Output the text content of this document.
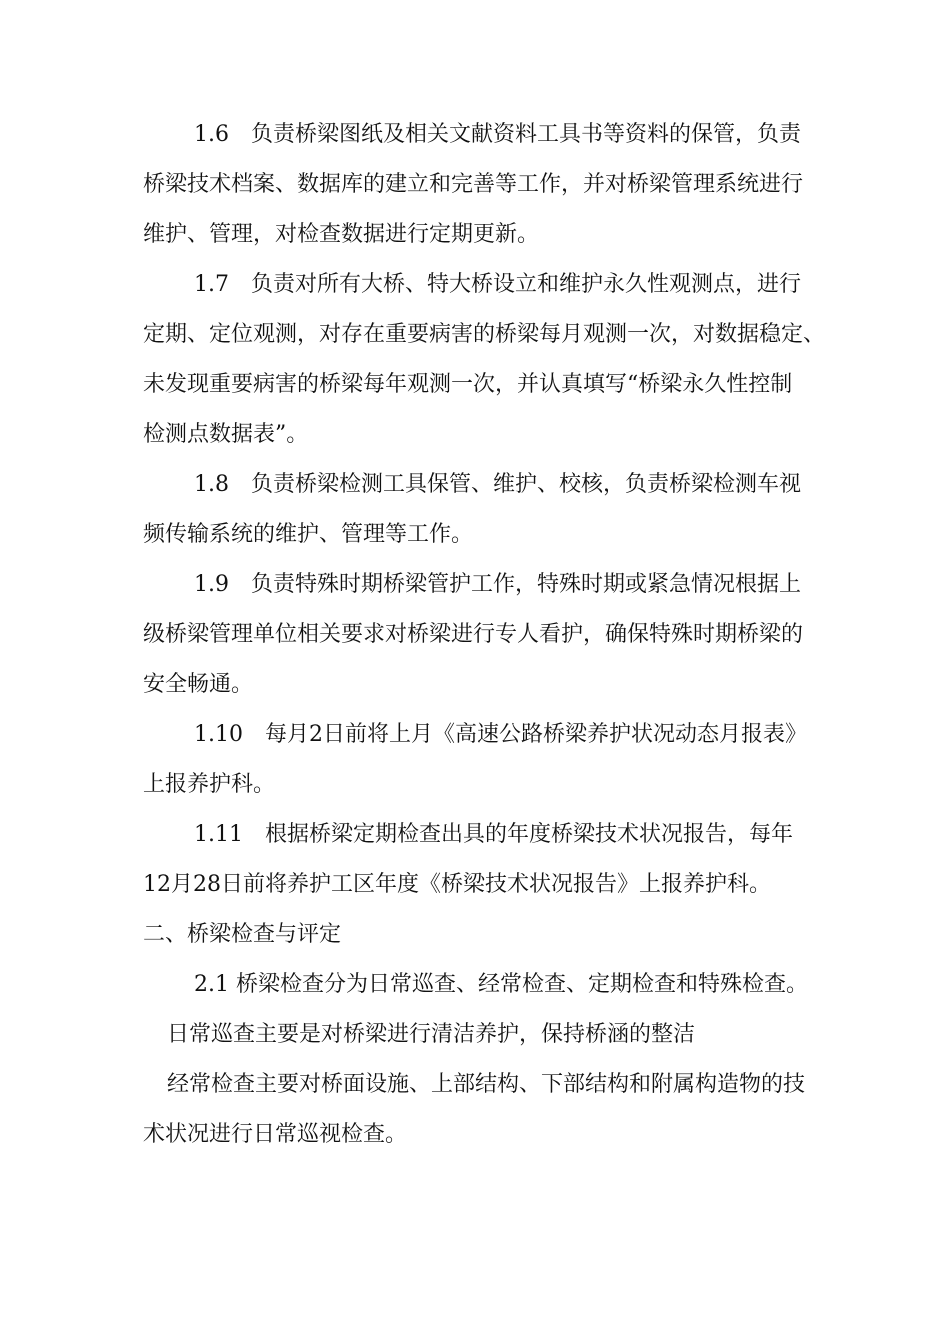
1.6　负责桥梁图纸及相关文献资料工具书等资料的保管，负责
桥梁技术档案、数据库的建立和完善等工作，并对桥梁管理系统进行
维护、管理，对检查数据进行定期更新。
1.7　负责对所有大桥、特大桥设立和维护永久性观测点，进行
定期、定位观测，对存在重要病害的桥梁每月观测一次，对数据稳定、
未发现重要病害的桥梁每年观测一次，并认真填写“桥梁永久性控制
检测点数据表”。
1.8　负责桥梁检测工具保管、维护、校核，负责桥梁检测车视
频传输系统的维护、管理等工作。
1.9　负责特殊时期桥梁管护工作，特殊时期或紧急情况根据上
级桥梁管理单位相关要求对桥梁进行专人看护，确保特殊时期桥梁的
安全畅通。
1.10　每月2日前将上月《高速公路桥梁养护状况动态月报表》
上报养护科。
1.11　根据桥梁定期检查出具的年度桥梁技术状况报告，每年
12月28日前将养护工区年度《桥梁技术状况报告》上报养护科。
二、桥梁检查与评定
2.1 桥梁检查分为日常巡查、经常检查、定期检查和特殊检查。
日常巡查主要是对桥梁进行清洁养护，保持桥涵的整洁
经常检查主要对桥面设施、上部结构、下部结构和附属构造物的技
术状况进行日常巡视检查。
